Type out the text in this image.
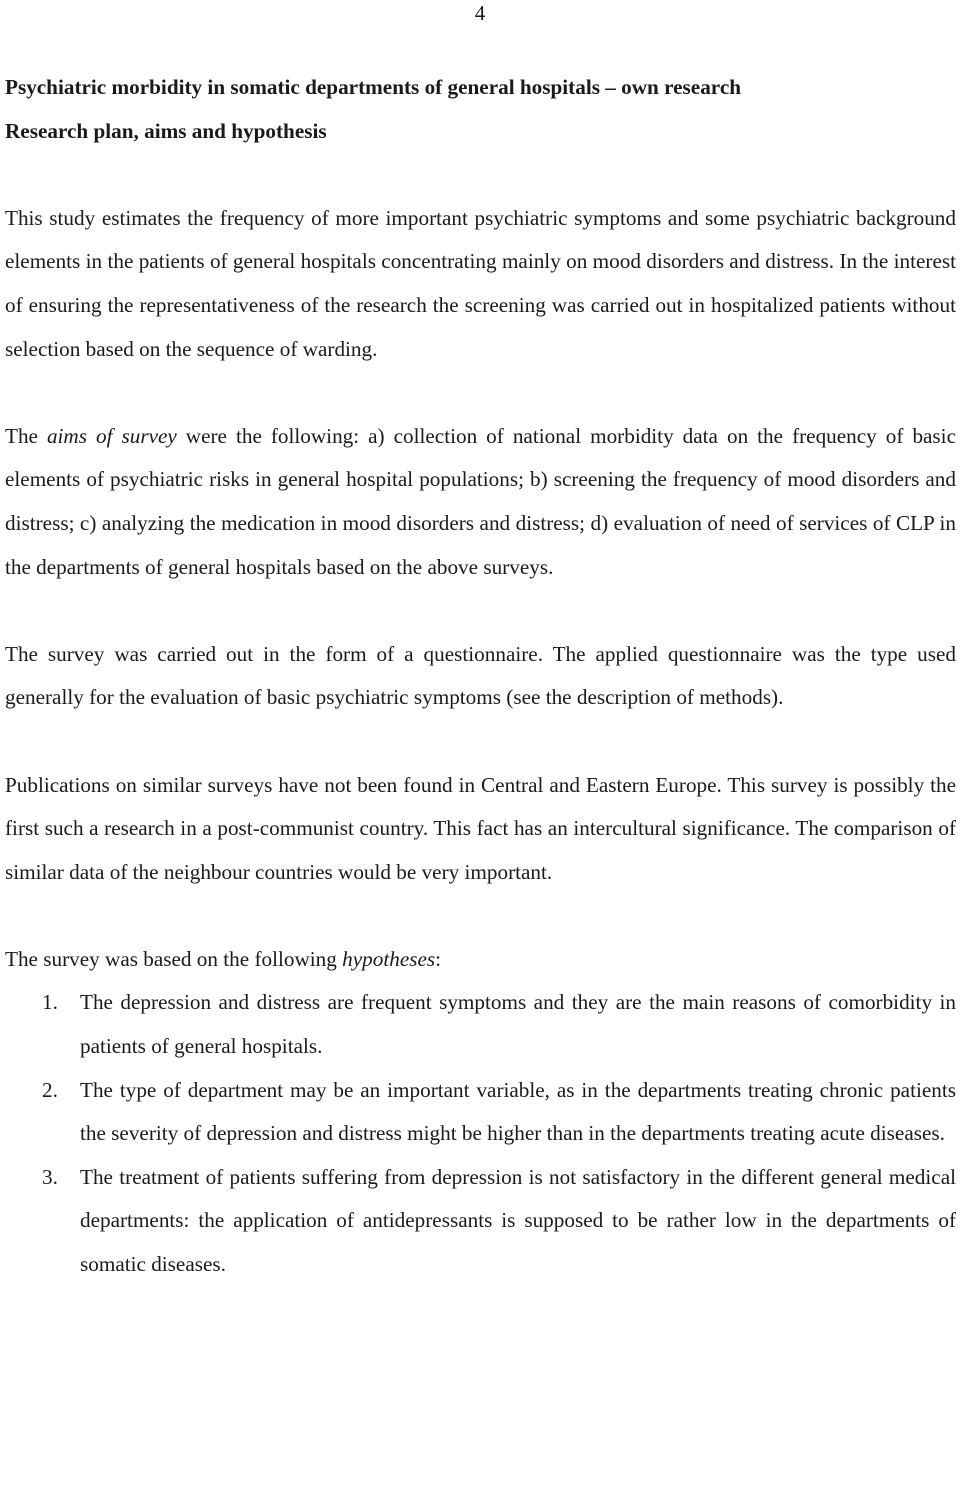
4
Psychiatric morbidity in somatic departments of general hospitals – own research
Research plan, aims and hypothesis

This study estimates the frequency of more important psychiatric symptoms and some psychiatric background elements in the patients of general hospitals concentrating mainly on mood disorders and distress. In the interest of ensuring the representativeness of the research the screening was carried out in hospitalized patients without selection based on the sequence of warding.

The aims of survey were the following: a) collection of national morbidity data on the frequency of basic elements of psychiatric risks in general hospital populations; b) screening the frequency of mood disorders and distress; c) analyzing the medication in mood disorders and distress; d) evaluation of need of services of CLP in the departments of general hospitals based on the above surveys.

The survey was carried out in the form of a questionnaire. The applied questionnaire was the type used generally for the evaluation of basic psychiatric symptoms (see the description of methods).

Publications on similar surveys have not been found in Central and Eastern Europe. This survey is possibly the first such a research in a post-communist country. This fact has an intercultural significance. The comparison of similar data of the neighbour countries would be very important.

The survey was based on the following hypotheses:

1. The depression and distress are frequent symptoms and they are the main reasons of comorbidity in patients of general hospitals.
2. The type of department may be an important variable, as in the departments treating chronic patients the severity of depression and distress might be higher than in the departments treating acute diseases.
3. The treatment of patients suffering from depression is not satisfactory in the different general medical departments: the application of antidepressants is supposed to be rather low in the departments of somatic diseases.
